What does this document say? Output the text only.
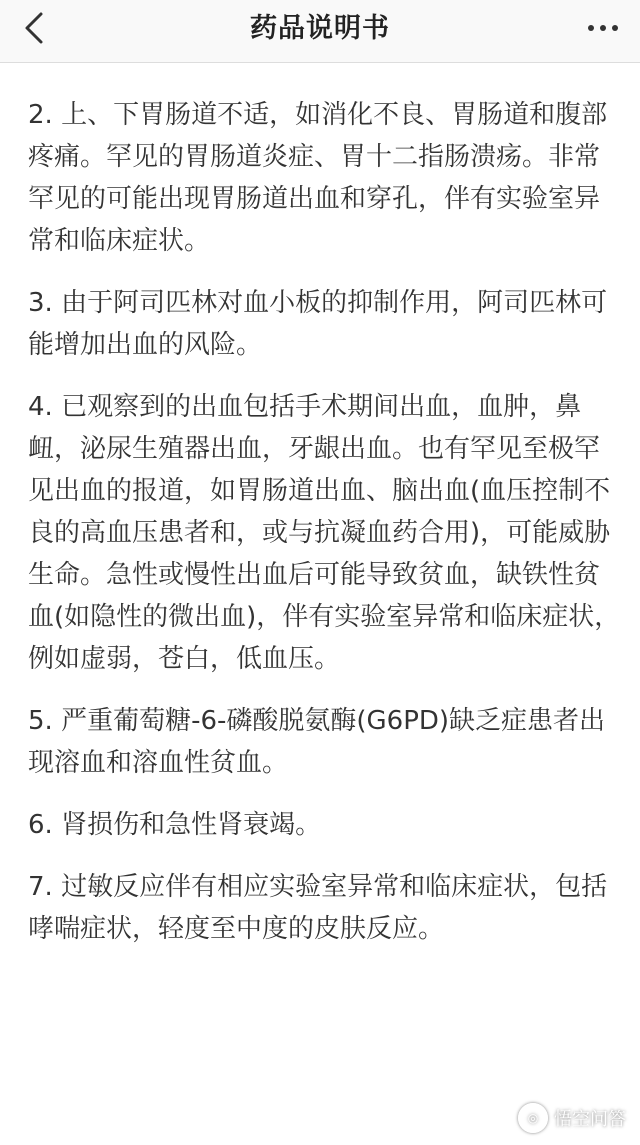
药品说明书

2. 上、下胃肠道不适，如消化不良、胃肠道和腹部疼痛。罕见的胃肠道炎症、胃十二指肠溃疡。非常罕见的可能出现胃肠道出血和穿孔，伴有实验室异常和临床症状。

3. 由于阿司匹林对血小板的抑制作用，阿司匹林可能增加出血的风险。

4. 已观察到的出血包括手术期间出血，血肿，鼻衄，泌尿生殖器出血，牙龈出血。也有罕见至极罕见出血的报道，如胃肠道出血、脑出血(血压控制不良的高血压患者和，或与抗凝血药合用)，可能威胁生命。急性或慢性出血后可能导致贫血，缺铁性贫血(如隐性的微出血)，伴有实验室异常和临床症状，例如虚弱，苍白，低血压。

5. 严重葡萄糖-6-磷酸脱氨酶(G6PD)缺乏症患者出现溶血和溶血性贫血。

6. 肾损伤和急性肾衰竭。

7. 过敏反应伴有相应实验室异常和临床症状，包括哮喘症状，轻度至中度的皮肤反应。

◎ 悟空问答
